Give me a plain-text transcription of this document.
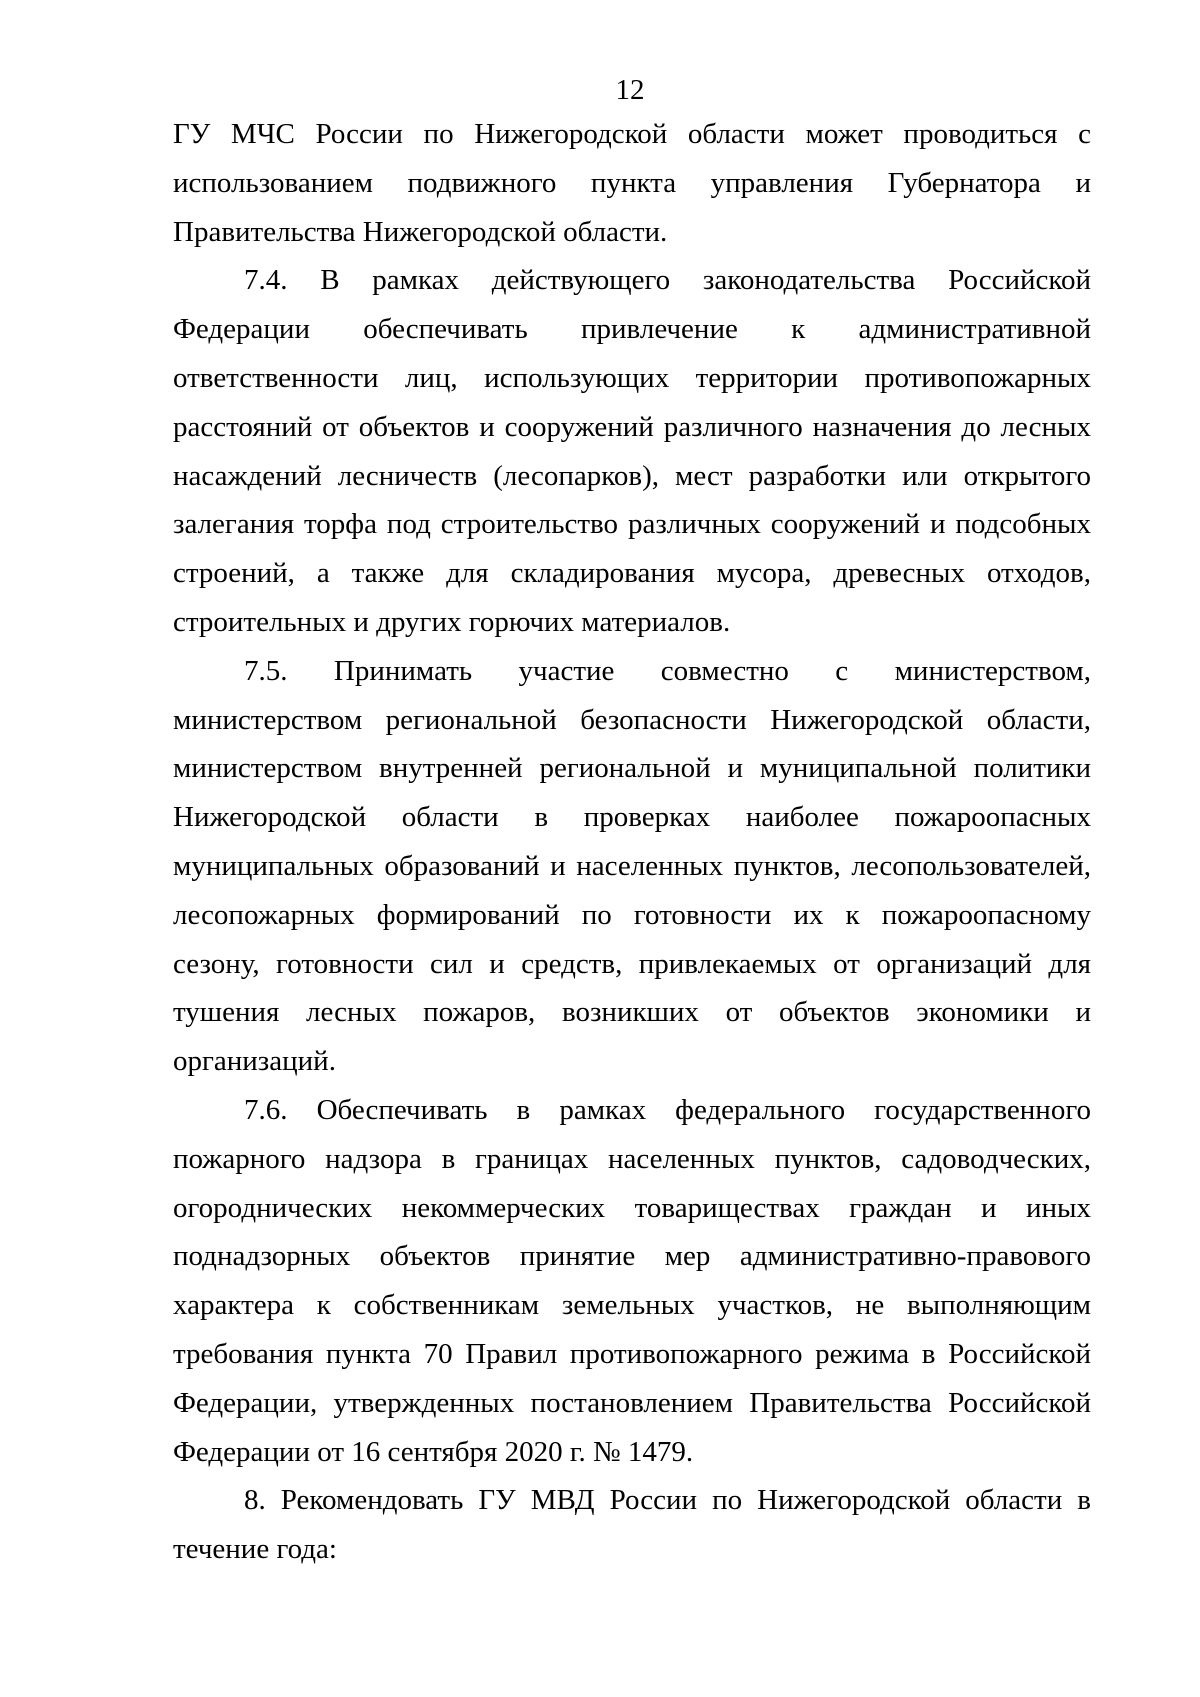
12

ГУ МЧС России по Нижегородской области может проводиться с использованием подвижного пункта управления Губернатора и Правительства Нижегородской области.

7.4. В рамках действующего законодательства Российской Федерации обеспечивать привлечение к административной ответственности лиц, использующих территории противопожарных расстояний от объектов и сооружений различного назначения до лесных насаждений лесничеств (лесопарков), мест разработки или открытого залегания торфа под строительство различных сооружений и подсобных строений, а также для складирования мусора, древесных отходов, строительных и других горючих материалов.

7.5. Принимать участие совместно с министерством, министерством региональной безопасности Нижегородской области, министерством внутренней региональной и муниципальной политики Нижегородской области в проверках наиболее пожароопасных муниципальных образований и населенных пунктов, лесопользователей, лесопожарных формирований по готовности их к пожароопасному сезону, готовности сил и средств, привлекаемых от организаций для тушения лесных пожаров, возникших от объектов экономики и организаций.

7.6. Обеспечивать в рамках федерального государственного пожарного надзора в границах населенных пунктов, садоводческих, огороднических некоммерческих товариществах граждан и иных поднадзорных объектов принятие мер административно-правового характера к собственникам земельных участков, не выполняющим требования пункта 70 Правил противопожарного режима в Российской Федерации, утвержденных постановлением Правительства Российской Федерации от 16 сентября 2020 г. № 1479.

8. Рекомендовать ГУ МВД России по Нижегородской области в течение года:
